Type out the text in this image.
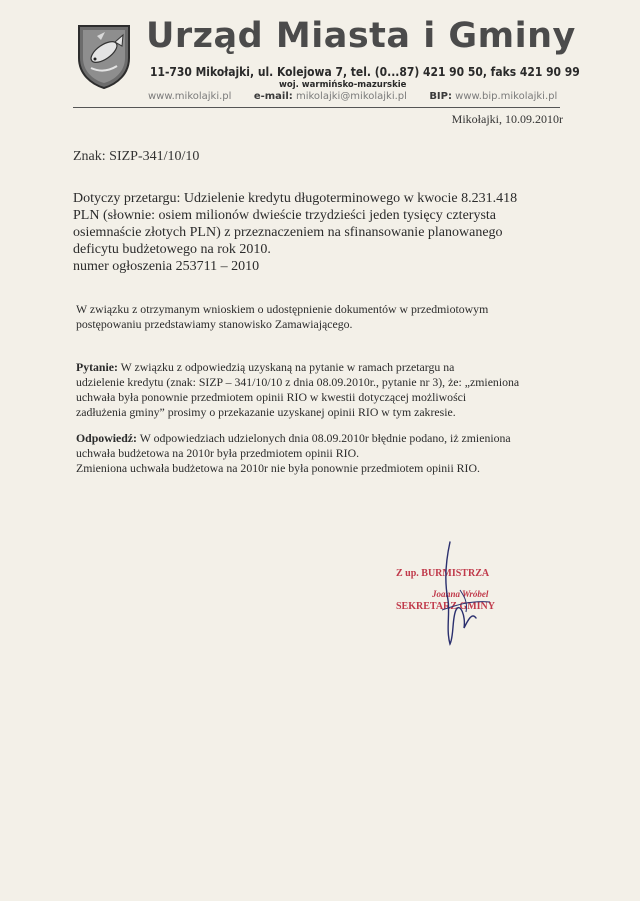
Urząd Miasta i Gminy
11-730 Mikołajki, ul. Kolejowa 7, tel. (0...87) 421 90 50, faks 421 90 99
woj. warmińsko-mazurskie
www.mikolajki.pl e-mail: mikolajki@mikolajki.pl BIP: www.bip.mikolajki.pl
Mikołajki, 10.09.2010r
Znak: SIZP-341/10/10

Dotyczy przetargu: Udzielenie kredytu długoterminowego w kwocie 8.231.418

PLN (słownie: osiem milionów dwieście trzydzieści jeden tysięcy czterysta

osiemnaście złotych PLN) z przeznaczeniem na sfinansowanie planowanego

deficytu budżetowego na rok 2010.

numer ogłoszenia 253711 – 2010

W związku z otrzymanym wnioskiem o udostępnienie dokumentów w przedmiotowym
postępowaniu przedstawiamy stanowisko Zamawiającego.

Pytanie: W związku z odpowiedzią uzyskaną na pytanie w ramach przetargu na

udzielenie kredytu (znak: SIZP – 341/10/10 z dnia 08.09.2010r., pytanie nr 3), że: „zmieniona

uchwała była ponownie przedmiotem opinii RIO w kwestii dotyczącej możliwości

zadłużenia gminy” prosimy o przekazanie uzyskanej opinii RIO w tym zakresie.

Odpowiedź: W odpowiedziach udzielonych dnia 08.09.2010r błędnie podano, iż zmieniona

uchwała budżetowa na 2010r była przedmiotem opinii RIO.

Zmieniona uchwała budżetowa na 2010r nie była ponownie przedmiotem opinii RIO.

Z up. BURMISTRZA
Joanna Wróbel
SEKRETARZ GMINY
